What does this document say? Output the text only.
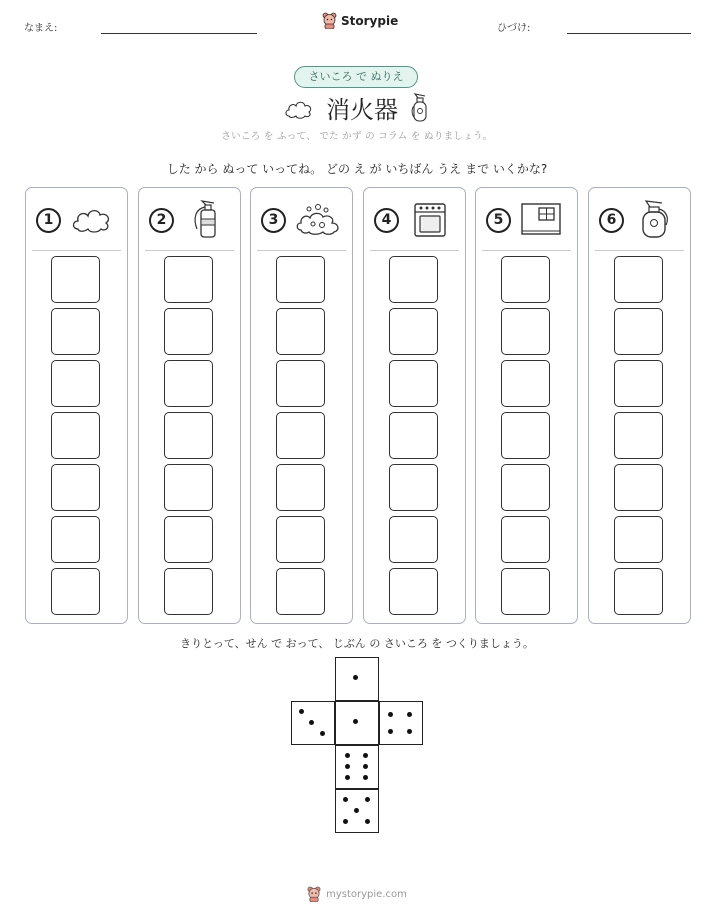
なまえ:
Storypie
ひづけ:
さいころ で ぬりえ
消火器
さいころ を ふって、 でた かず の コラム を ぬりましょう。
した から ぬって いってね。 どの え が いちばん うえ まで いくかな?
1	2	3	4	5	6
きりとって、せん で おって、 じぶん の さいころ を つくりましょう。
mystorypie.com
